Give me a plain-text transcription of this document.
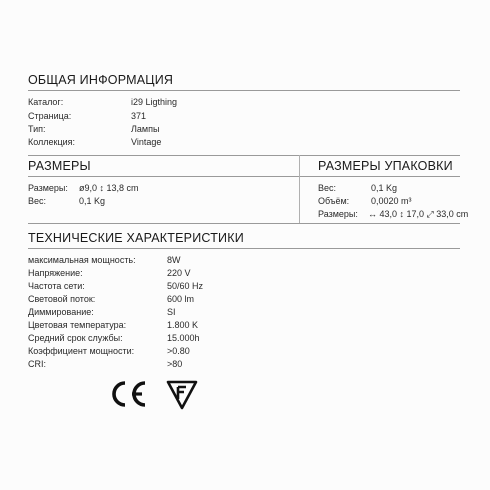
ОБЩАЯ ИНФОРМАЦИЯ
Каталог:	i29 Ligthing
Страница:	371
Тип:	Лампы
Коллекция:	Vintage
РАЗМЕРЫ
Размеры: ø9,0 ↕ 13,8 cm
Вес:	0,1 Kg
РАЗМЕРЫ УПАКОВКИ
Вес:	0,1 Kg
Объём: 0,0020 m³
Размеры: ↔ 43,0 ↕ 17,0 ⤢ 33,0 cm
ТЕХНИЧЕСКИЕ ХАРАКТЕРИСТИКИ
максимальная мощность:	8W
Напряжение:	220 V
Частота сети:	50/60 Hz
Световой поток:	600 lm
Диммирование:	SI
Цветовая температура:	1.800 K
Средний срок службы:	15.000h
Коэффициент мощности:	>0.80
CRI:	>80
